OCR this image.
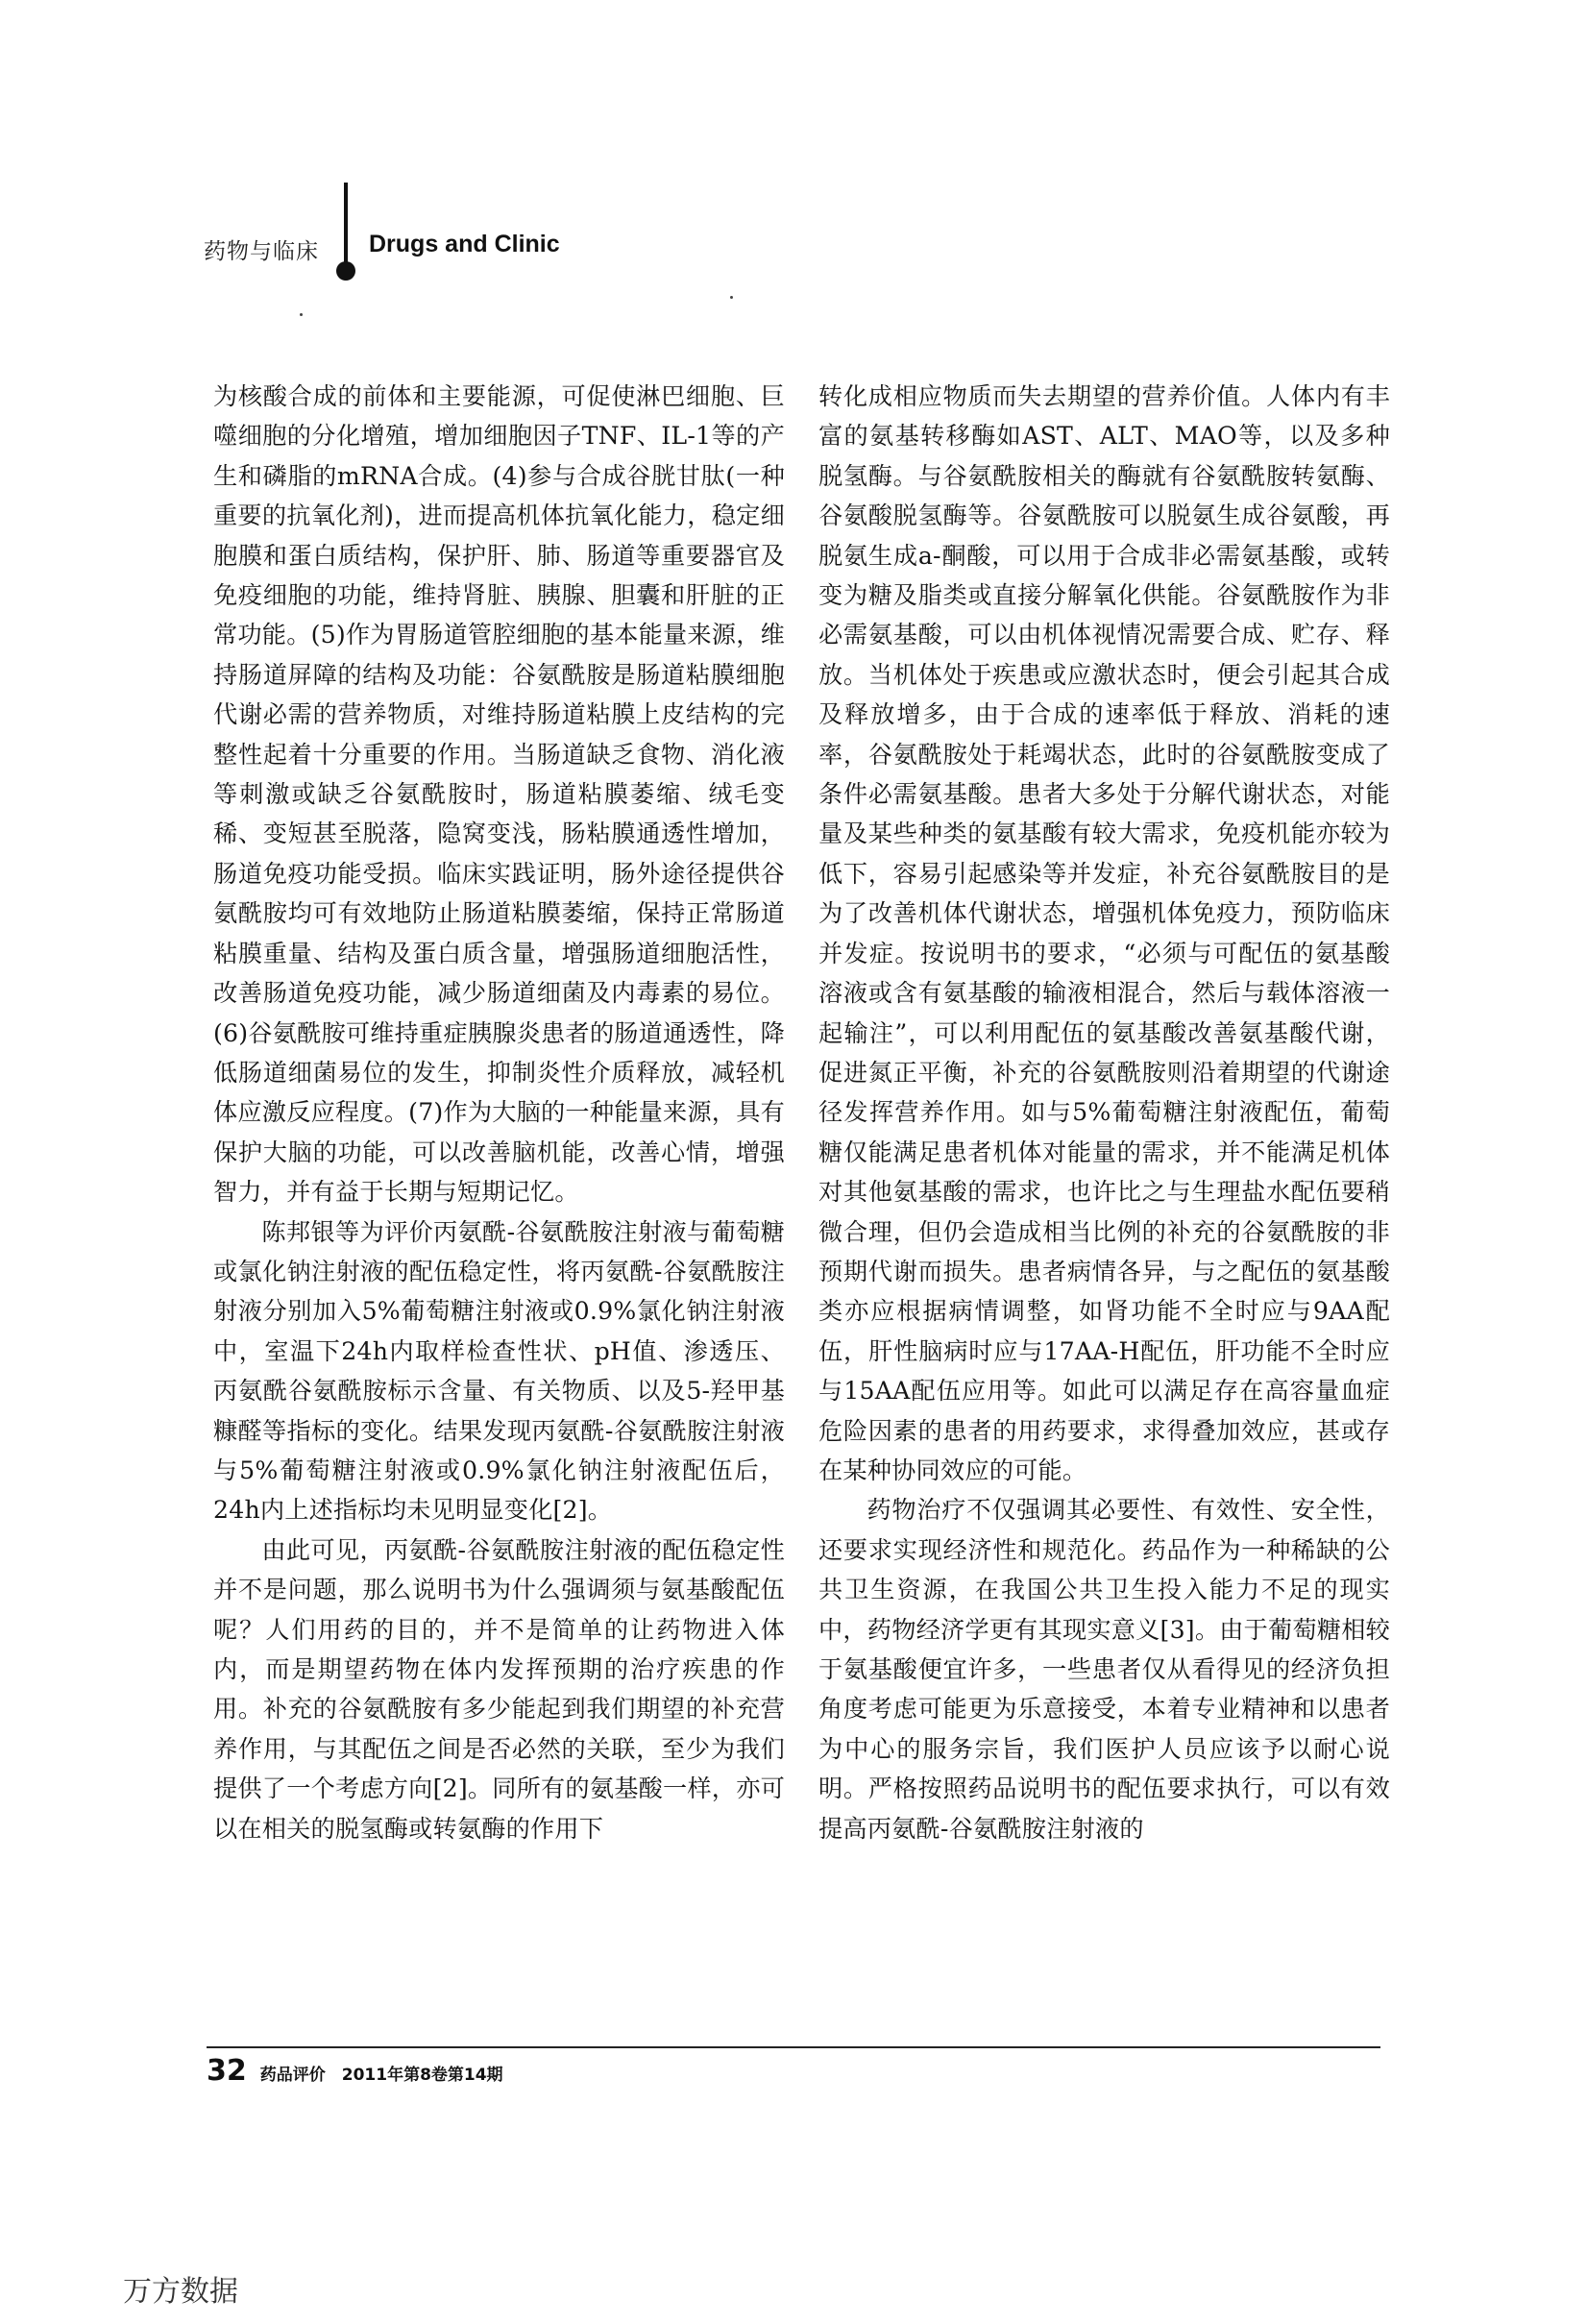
药物与临床 Drugs and Clinic

为核酸合成的前体和主要能源，可促使淋巴细胞、巨噬细胞的分化增殖，增加细胞因子TNF、IL-1等的产生和磷脂的mRNA合成。(4)参与合成谷胱甘肽(一种重要的抗氧化剂)，进而提高机体抗氧化能力，稳定细胞膜和蛋白质结构，保护肝、肺、肠道等重要器官及免疫细胞的功能，维持肾脏、胰腺、胆囊和肝脏的正常功能。(5)作为胃肠道管腔细胞的基本能量来源，维持肠道屏障的结构及功能：谷氨酰胺是肠道粘膜细胞代谢必需的营养物质，对维持肠道粘膜上皮结构的完整性起着十分重要的作用。当肠道缺乏食物、消化液等刺激或缺乏谷氨酰胺时，肠道粘膜萎缩、绒毛变稀、变短甚至脱落，隐窝变浅，肠粘膜通透性增加，肠道免疫功能受损。临床实践证明，肠外途径提供谷氨酰胺均可有效地防止肠道粘膜萎缩，保持正常肠道粘膜重量、结构及蛋白质含量，增强肠道细胞活性，改善肠道免疫功能，减少肠道细菌及内毒素的易位。(6)谷氨酰胺可维持重症胰腺炎患者的肠道通透性，降低肠道细菌易位的发生，抑制炎性介质释放，减轻机体应激反应程度。(7)作为大脑的一种能量来源，具有保护大脑的功能，可以改善脑机能，改善心情，增强智力，并有益于长期与短期记忆。

陈邦银等为评价丙氨酰-谷氨酰胺注射液与葡萄糖或氯化钠注射液的配伍稳定性，将丙氨酰-谷氨酰胺注射液分别加入5%葡萄糖注射液或0.9%氯化钠注射液中，室温下24h内取样检查性状、pH值、渗透压、丙氨酰谷氨酰胺标示含量、有关物质、以及5-羟甲基糠醛等指标的变化。结果发现丙氨酰-谷氨酰胺注射液与5%葡萄糖注射液或0.9%氯化钠注射液配伍后，24h内上述指标均未见明显变化[2]。

由此可见，丙氨酰-谷氨酰胺注射液的配伍稳定性并不是问题，那么说明书为什么强调须与氨基酸配伍呢？人们用药的目的，并不是简单的让药物进入体内，而是期望药物在体内发挥预期的治疗疾患的作用。补充的谷氨酰胺有多少能起到我们期望的补充营养作用，与其配伍之间是否必然的关联，至少为我们提供了一个考虑方向[2]。同所有的氨基酸一样，亦可以在相关的脱氢酶或转氨酶的作用下

转化成相应物质而失去期望的营养价值。人体内有丰富的氨基转移酶如AST、ALT、MAO等，以及多种脱氢酶。与谷氨酰胺相关的酶就有谷氨酰胺转氨酶、谷氨酸脱氢酶等。谷氨酰胺可以脱氨生成谷氨酸，再脱氨生成a-酮酸，可以用于合成非必需氨基酸，或转变为糖及脂类或直接分解氧化供能。谷氨酰胺作为非必需氨基酸，可以由机体视情况需要合成、贮存、释放。当机体处于疾患或应激状态时，便会引起其合成及释放增多，由于合成的速率低于释放、消耗的速率，谷氨酰胺处于耗竭状态，此时的谷氨酰胺变成了条件必需氨基酸。患者大多处于分解代谢状态，对能量及某些种类的氨基酸有较大需求，免疫机能亦较为低下，容易引起感染等并发症，补充谷氨酰胺目的是为了改善机体代谢状态，增强机体免疫力，预防临床并发症。按说明书的要求，“必须与可配伍的氨基酸溶液或含有氨基酸的输液相混合，然后与载体溶液一起输注”，可以利用配伍的氨基酸改善氨基酸代谢，促进氮正平衡，补充的谷氨酰胺则沿着期望的代谢途径发挥营养作用。如与5%葡萄糖注射液配伍，葡萄糖仅能满足患者机体对能量的需求，并不能满足机体对其他氨基酸的需求，也许比之与生理盐水配伍要稍微合理，但仍会造成相当比例的补充的谷氨酰胺的非预期代谢而损失。患者病情各异，与之配伍的氨基酸类亦应根据病情调整，如肾功能不全时应与9AA配伍，肝性脑病时应与17AA-H配伍，肝功能不全时应与15AA配伍应用等。如此可以满足存在高容量血症危险因素的患者的用药要求，求得叠加效应，甚或存在某种协同效应的可能。

药物治疗不仅强调其必要性、有效性、安全性，还要求实现经济性和规范化。药品作为一种稀缺的公共卫生资源，在我国公共卫生投入能力不足的现实中，药物经济学更有其现实意义[3]。由于葡萄糖相较于氨基酸便宜许多，一些患者仅从看得见的经济负担角度考虑可能更为乐意接受，本着专业精神和以患者为中心的服务宗旨，我们医护人员应该予以耐心说明。严格按照药品说明书的配伍要求执行，可以有效提高丙氨酰-谷氨酰胺注射液的

32 药品评价　2011年第8卷第14期
万方数据
